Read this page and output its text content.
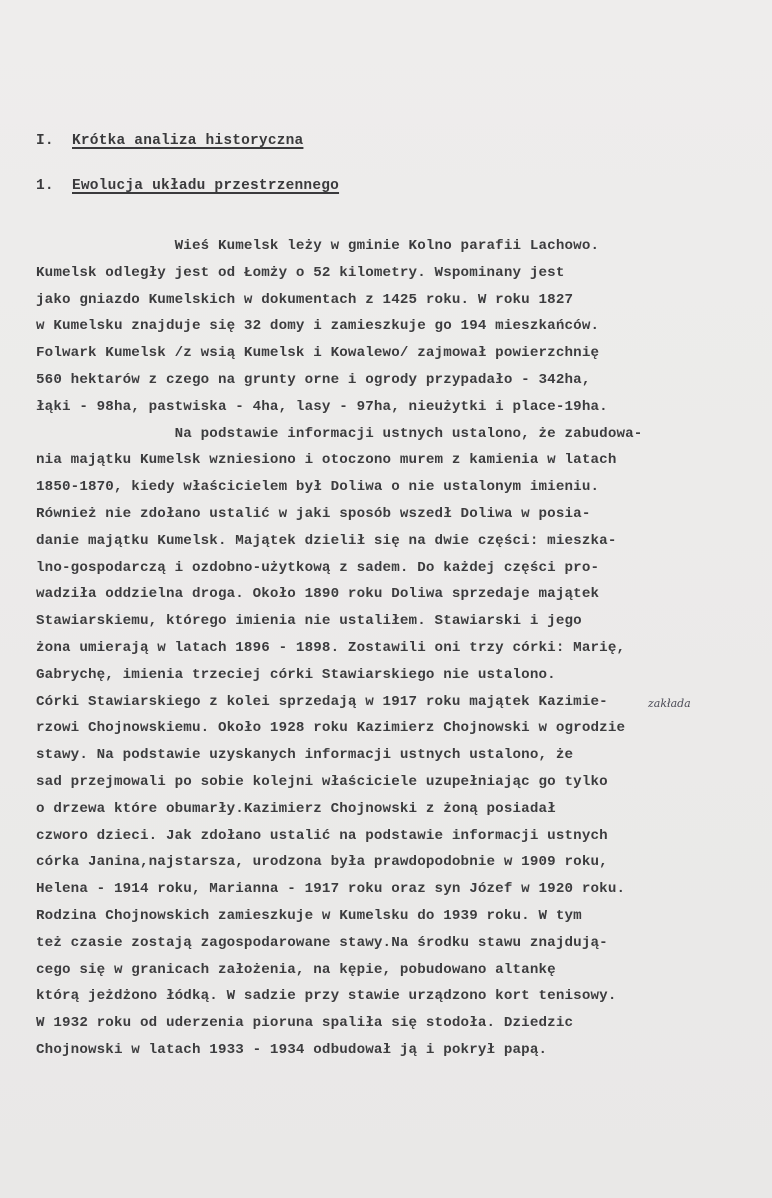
I. Krótka analiza historyczna
1. Ewolucja układu przestrzennego
Wieś Kumelsk leży w gminie Kolno parafii Lachowo.
Kumelsk odległy jest od Łomży o 52 kilometry. Wspominany jest
jako gniazdo Kumelskich w dokumentach z 1425 roku. W roku 1827
w Kumelsku znajduje się 32 domy i zamieszkuje go 194 mieszkańców.
Folwark Kumelsk /z wsią Kumelsk i Kowalewo/ zajmował powierzchnię
560 hektarów z czego na grunty orne i ogrody przypadało - 342ha,
łąki - 98ha, pastwiska - 4ha, lasy - 97ha, nieużytki i place-19ha.
Na podstawie informacji ustnych ustalono, że zabudowa-
nia majątku Kumelsk wzniesiono i otoczono murem z kamienia w latach
1850-1870, kiedy właścicielem był Doliwa o nie ustalonym imieniu.
Również nie zdołano ustalić w jaki sposób wszedł Doliwa w posia-
danie majątku Kumelsk. Majątek dzielił się na dwie części: mieszka-
lno-gospodarczą i ozdobno-użytkową z sadem. Do każdej części pro-
wadziła oddzielna droga. Około 1890 roku Doliwa sprzedaje majątek
Stawiarskiemu, którego imienia nie ustaliłem. Stawiarski i jego
żona umierają w latach 1896 - 1898. Zostawili oni trzy córki: Marię,
Gabrychę, imienia trzeciej córki Stawiarskiego nie ustalono.
Córki Stawiarskiego z kolei sprzedają w 1917 roku majątek Kazimie-
rzowi Chojnowskiemu. Około 1928 roku Kazimierz Chojnowski w ogrodzie
stawy. Na podstawie uzyskanych informacji ustnych ustalono, że
sad przejmowali po sobie kolejni właściciele uzupełniając go tylko
o drzewa które obumarły.Kazimierz Chojnowski z żoną posiadał
czworo dzieci. Jak zdołano ustalić na podstawie informacji ustnych
córka Janina,najstarsza, urodzona była prawdopodobnie w 1909 roku,
Helena - 1914 roku, Marianna - 1917 roku oraz syn Józef w 1920 roku.
Rodzina Chojnowskich zamieszkuje w Kumelsku do 1939 roku. W tym
też czasie zostają zagospodarowane stawy.Na środku stawu znajdują-
cego się w granicach założenia, na kępie, pobudowano altankę
którą jeżdżono łódką. W sadzie przy stawie urządzono kort tenisowy.
W 1932 roku od uderzenia pioruna spaliła się stodoła. Dziedzic
Chojnowski w latach 1933 - 1934 odbudował ją i pokrył papą.
zakłada
